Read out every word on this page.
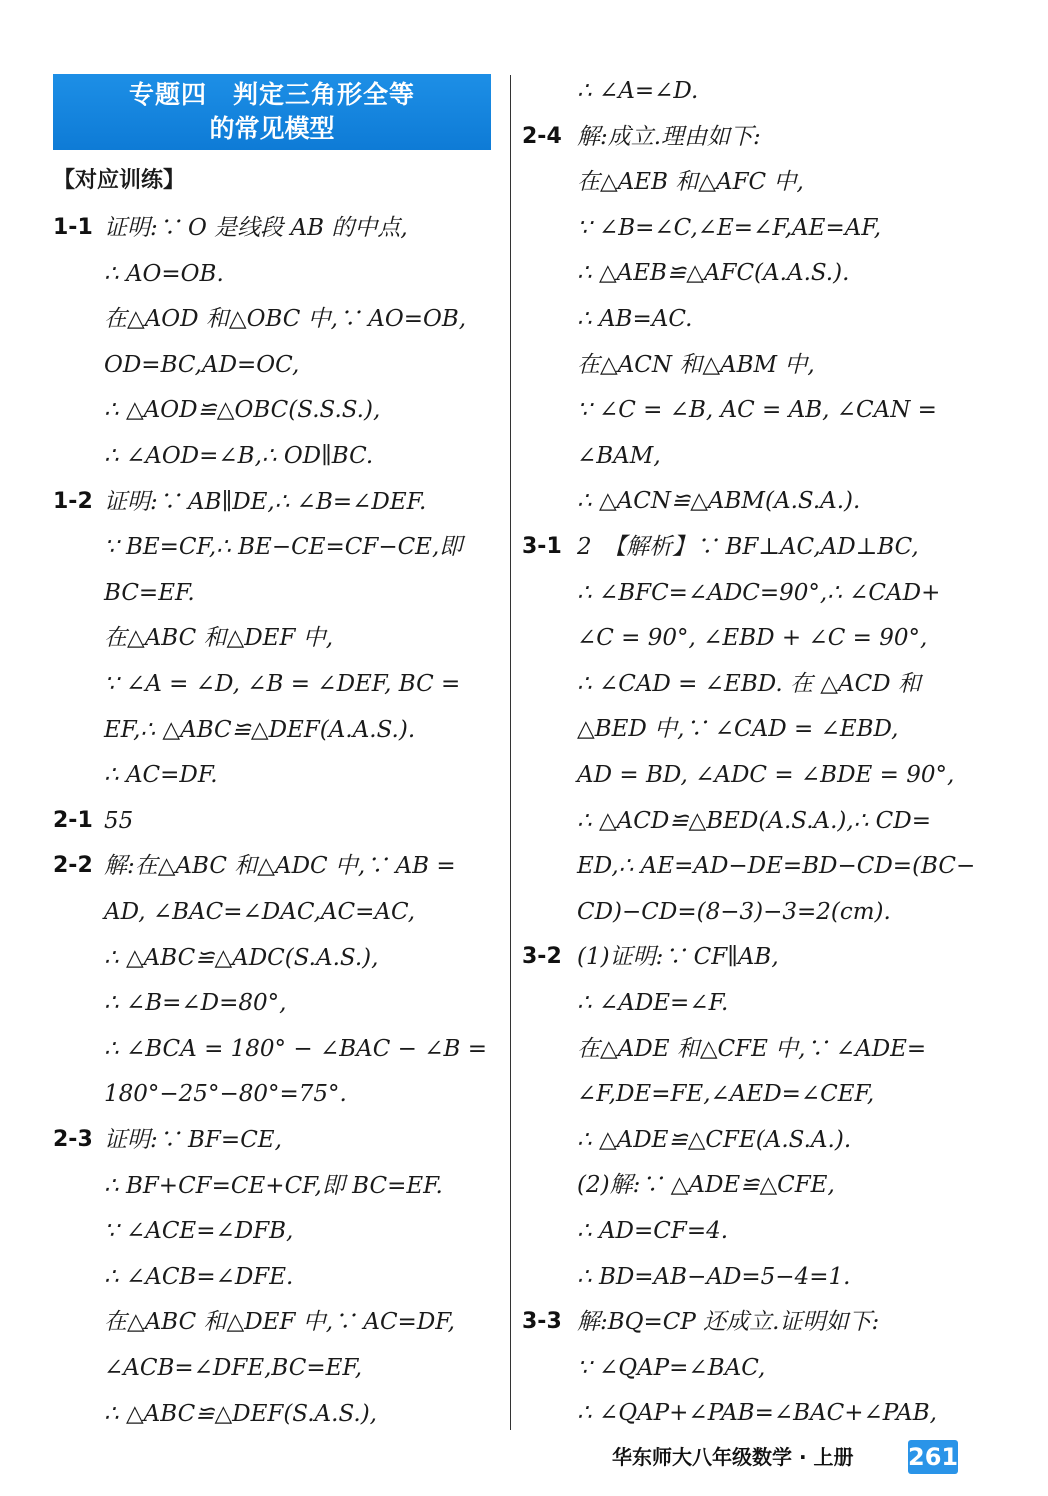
专题四　判定三角形全等
的常见模型
【对应训练】
1-1 证明:∵ O 是线段 AB 的中点,
∴ AO=OB.
在△AOD 和△OBC 中,∵ AO=OB,
OD=BC,AD=OC,
∴ △AOD≌△OBC(S.S.S.),
∴ ∠AOD=∠B,∴ OD∥BC.
1-2 证明:∵ AB∥DE,∴ ∠B=∠DEF.
∵ BE=CF,∴ BE−CE=CF−CE,即
BC=EF.
在△ABC 和△DEF 中,
∵ ∠A = ∠D, ∠B = ∠DEF, BC =
EF,∴ △ABC≌△DEF(A.A.S.).
∴ AC=DF.
2-1 55
2-2 解:在△ABC 和△ADC 中,∵ AB =
AD, ∠BAC=∠DAC,AC=AC,
∴ △ABC≌△ADC(S.A.S.),
∴ ∠B=∠D=80°,
∴ ∠BCA = 180° − ∠BAC − ∠B =
180°−25°−80°=75°.
2-3 证明:∵ BF=CE,
∴ BF+CF=CE+CF,即 BC=EF.
∵ ∠ACE=∠DFB,
∴ ∠ACB=∠DFE.
在△ABC 和△DEF 中,∵ AC=DF,
∠ACB=∠DFE,BC=EF,
∴ △ABC≌△DEF(S.A.S.),
∴ ∠A=∠D.
2-4 解:成立.理由如下:
在△AEB 和△AFC 中,
∵ ∠B=∠C,∠E=∠F,AE=AF,
∴ △AEB≌△AFC(A.A.S.).
∴ AB=AC.
在△ACN 和△ABM 中,
∵ ∠C = ∠B, AC = AB, ∠CAN =
∠BAM,
∴ △ACN≌△ABM(A.S.A.).
3-1 2　【解析】∵ BF⊥AC,AD⊥BC,
∴ ∠BFC=∠ADC=90°,∴ ∠CAD+
∠C = 90°, ∠EBD + ∠C = 90°,
∴ ∠CAD = ∠EBD. 在 △ACD 和
△BED 中,∵ ∠CAD = ∠EBD,
AD = BD, ∠ADC = ∠BDE = 90°,
∴ △ACD≌△BED(A.S.A.),∴ CD=
ED,∴ AE=AD−DE=BD−CD=(BC−
CD)−CD=(8−3)−3=2(cm).
3-2 (1)证明:∵ CF∥AB,
∴ ∠ADE=∠F.
在△ADE 和△CFE 中,∵ ∠ADE=
∠F,DE=FE,∠AED=∠CEF,
∴ △ADE≌△CFE(A.S.A.).
(2)解:∵ △ADE≌△CFE,
∴ AD=CF=4.
∴ BD=AB−AD=5−4=1.
3-3 解:BQ=CP 还成立.证明如下:
∵ ∠QAP=∠BAC,
∴ ∠QAP+∠PAB=∠BAC+∠PAB,
华东师大八年级数学 · 上册 261
